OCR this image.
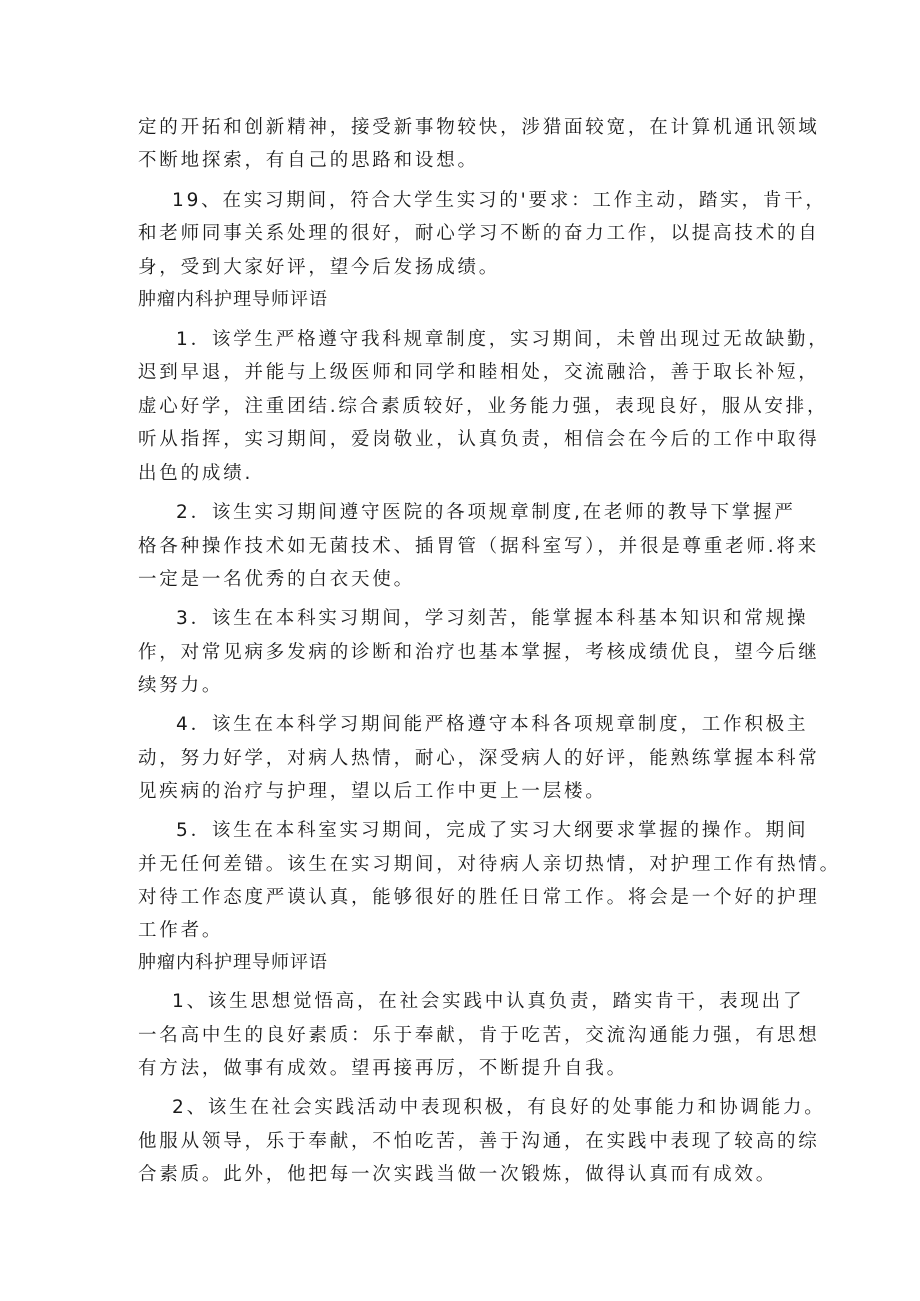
定的开拓和创新精神，接受新事物较快，涉猎面较宽，在计算机通讯领域
不断地探索，有自己的思路和设想。
19、在实习期间，符合大学生实习的'要求：工作主动，踏实，肯干，
和老师同事关系处理的很好，耐心学习不断的奋力工作，以提高技术的自
身，受到大家好评，望今后发扬成绩。
肿瘤内科护理导师评语
1．该学生严格遵守我科规章制度，实习期间，未曾出现过无故缺勤，
迟到早退，并能与上级医师和同学和睦相处，交流融洽，善于取长补短，
虚心好学，注重团结.综合素质较好，业务能力强，表现良好，服从安排，
听从指挥，实习期间，爱岗敬业，认真负责，相信会在今后的工作中取得
出色的成绩.
2．该生实习期间遵守医院的各项规章制度,在老师的教导下掌握严
格各种操作技术如无菌技术、插胃管（据科室写），并很是尊重老师.将来
一定是一名优秀的白衣天使。
3．该生在本科实习期间，学习刻苦，能掌握本科基本知识和常规操
作，对常见病多发病的诊断和治疗也基本掌握，考核成绩优良，望今后继
续努力。
4．该生在本科学习期间能严格遵守本科各项规章制度，工作积极主
动，努力好学，对病人热情，耐心，深受病人的好评，能熟练掌握本科常
见疾病的治疗与护理，望以后工作中更上一层楼。
5．该生在本科室实习期间，完成了实习大纲要求掌握的操作。期间
并无任何差错。该生在实习期间，对待病人亲切热情，对护理工作有热情。
对待工作态度严谟认真，能够很好的胜任日常工作。将会是一个好的护理
工作者。
肿瘤内科护理导师评语
1、该生思想觉悟高，在社会实践中认真负责，踏实肯干，表现出了
一名高中生的良好素质：乐于奉献，肯于吃苦，交流沟通能力强，有思想
有方法，做事有成效。望再接再厉，不断提升自我。
2、该生在社会实践活动中表现积极，有良好的处事能力和协调能力。
他服从领导，乐于奉献，不怕吃苦，善于沟通，在实践中表现了较高的综
合素质。此外，他把每一次实践当做一次锻炼，做得认真而有成效。
